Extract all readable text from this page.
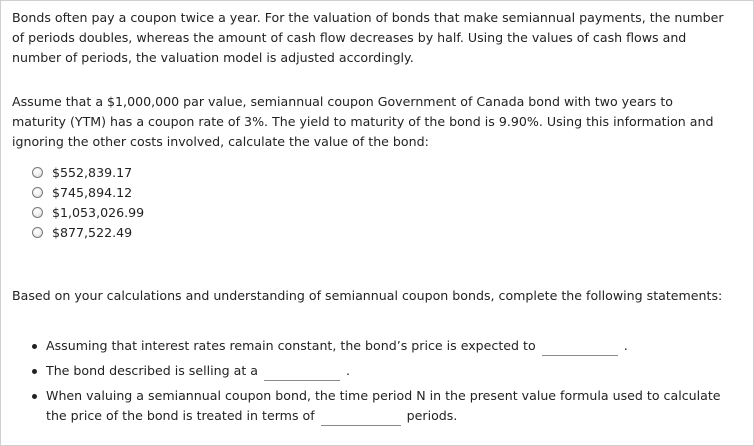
Bonds often pay a coupon twice a year. For the valuation of bonds that make semiannual payments, the number of periods doubles, whereas the amount of cash flow decreases by half. Using the values of cash flows and number of periods, the valuation model is adjusted accordingly.

Assume that a $1,000,000 par value, semiannual coupon Government of Canada bond with two years to maturity (YTM) has a coupon rate of 3%. The yield to maturity of the bond is 9.90%. Using this information and ignoring the other costs involved, calculate the value of the bond:

$552,839.17
$745,894.12
$1,053,026.99
$877,522.49

Based on your calculations and understanding of semiannual coupon bonds, complete the following statements:

Assuming that interest rates remain constant, the bond’s price is expected to	.
The bond described is selling at a	.
When valuing a semiannual coupon bond, the time period N in the present value formula used to calculate the price of the bond is treated in terms of	periods.
